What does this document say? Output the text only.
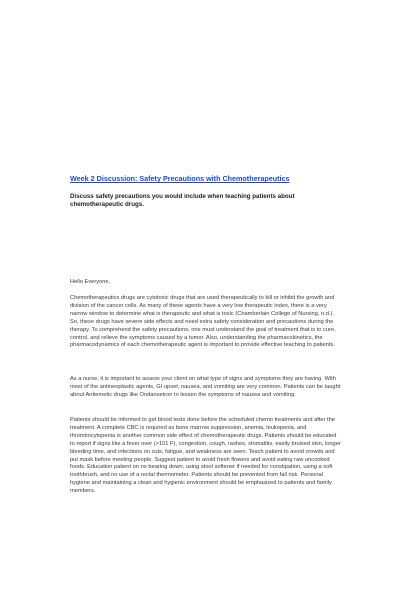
Week 2 Discussion: Safety Precautions with Chemotherapeutics
Discuss safety precautions you would include when teaching patients about chemotherapeutic drugs.
Hello Everyone,
Chemotherapeutics drugs are cytotoxic drugs that are used therapeutically to kill or inhibit the growth and division of the cancer cells. As many of these agents have a very low therapeutic index, there is a very narrow window to determine what is therapeutic and what is toxic (Chamberlain College of Nursing, n.d.). So, these drugs have severe side effects and need extra safety consideration and precautions during the therapy. To comprehend the safety precautions, one must understand the goal of treatment that is to cure, control, and relieve the symptoms caused by a tumor. Also, understanding the pharmacokinetics, the pharmacodynamics of each chemotherapeutic agent is important to provide effective teaching to patients.
As a nurse, it is important to assess your client on what type of signs and symptoms they are having. With most of the antineoplastic agents, GI upset; nausea, and vomiting are very common. Patients can be taught about Antiemetic drugs like Ondansetron to lessen the symptoms of nausea and vomiting.
Patients should be informed to get blood tests done before the scheduled chemo treatments and after the treatment. A complete CBC is required as bone marrow suppression, anemia, leukopenia, and thrombocytopenia is another common side effect of chemotherapeutic drugs. Patients should be educated to report if signs like a fever over (>101 F), congestion, cough, rashes, stomatitis, easily bruised skin, longer bleeding time, and infections on cuts, fatigue, and weakness are seen. Teach patient to avoid crowds and put mask before meeting people. Suggest patient to avoid fresh flowers and avoid eating raw uncooked foods. Education patient on no bearing down; using stool softener if needed for constipation, using a soft toothbrush, and no use of a rectal thermometer. Patients should be prevented from fall risk. Personal hygiene and maintaining a clean and hygienic environment should be emphasized to patients and family members.
